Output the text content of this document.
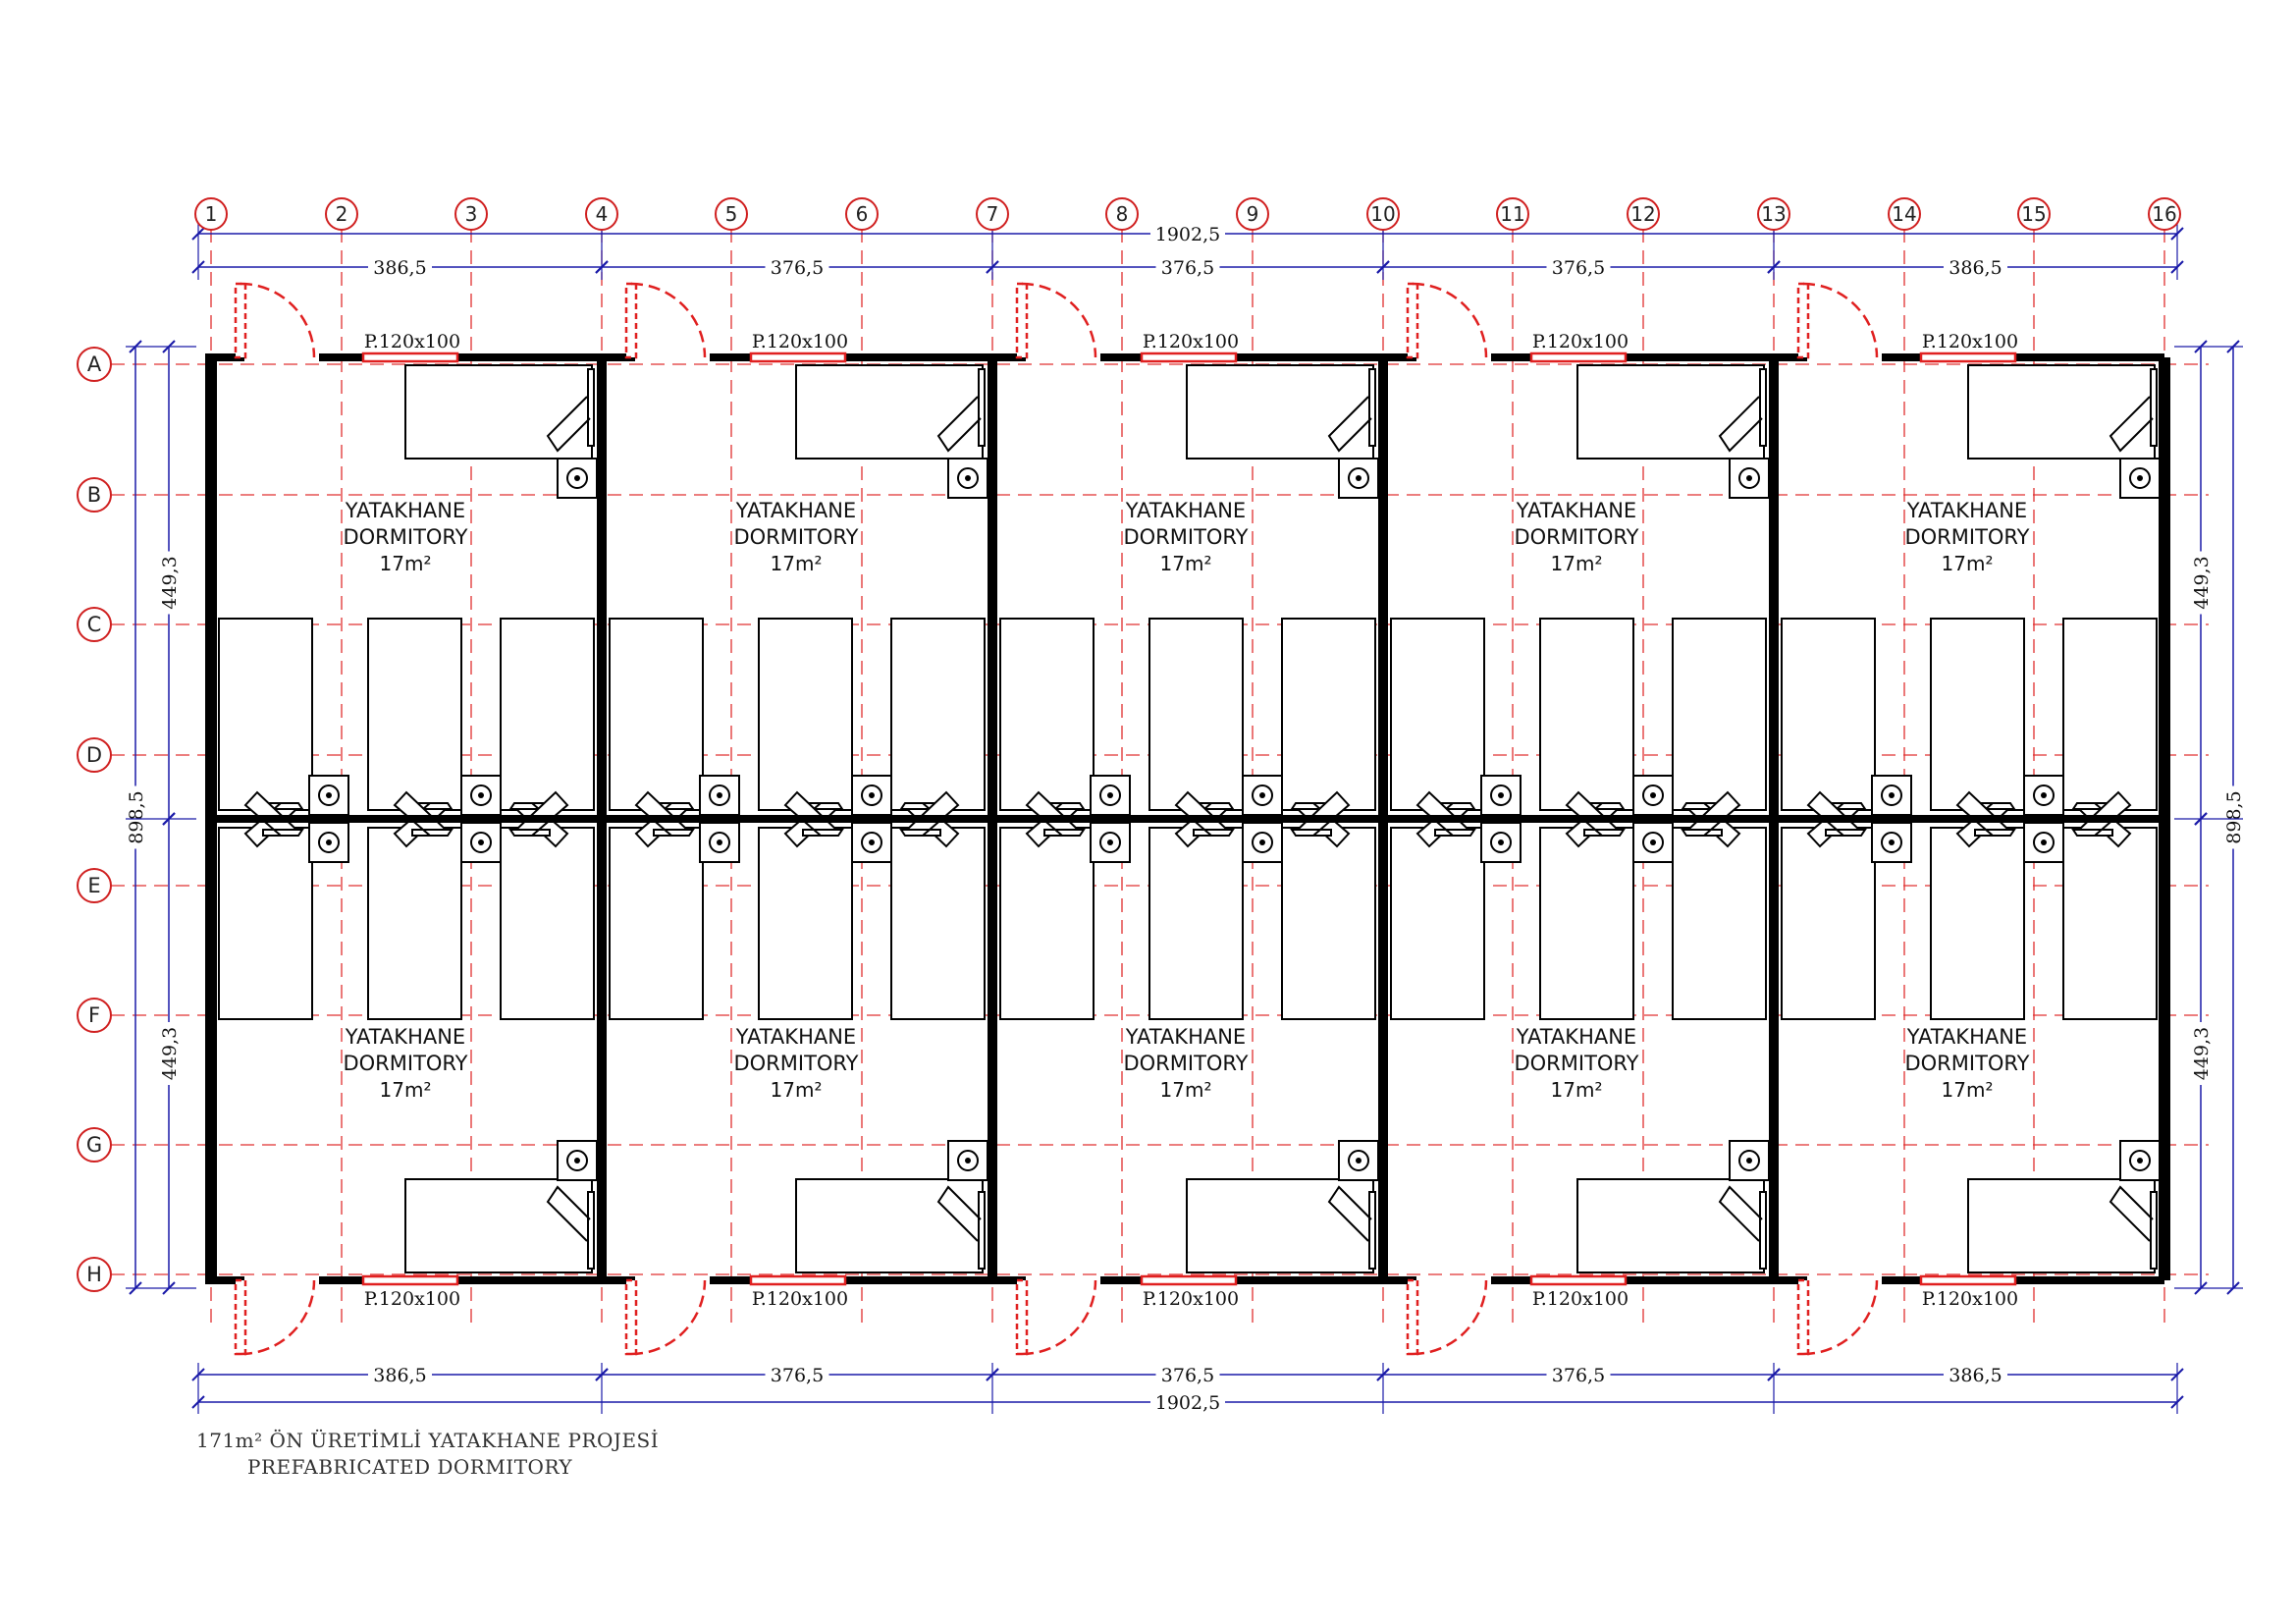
P.120x100
P.120x100
P.120x100
P.120x100
P.120x100
P.120x100
P.120x100
P.120x100
P.120x100
P.120x100
1902,5
1902,5
386,5
386,5
376,5
376,5
376,5
376,5
376,5
376,5
386,5
386,5
449,3
449,3
898,5
449,3
449,3
898,5
1	2	3	4	5	6	7	8	9	10	11	12	13	14	15	16
A
B
C
D
E
F
G
H
YATAKHANE
DORMITORY
17m²
YATAKHANE
DORMITORY
17m²
YATAKHANE
DORMITORY
17m²
YATAKHANE
DORMITORY
17m²
YATAKHANE
DORMITORY
17m²
YATAKHANE
DORMITORY
17m²
YATAKHANE
DORMITORY
17m²
YATAKHANE
DORMITORY
17m²
YATAKHANE
DORMITORY
17m²
YATAKHANE
DORMITORY
17m²
171m² ÖN ÜRETİMLİ YATAKHANE PROJESİ
PREFABRICATED DORMITORY
